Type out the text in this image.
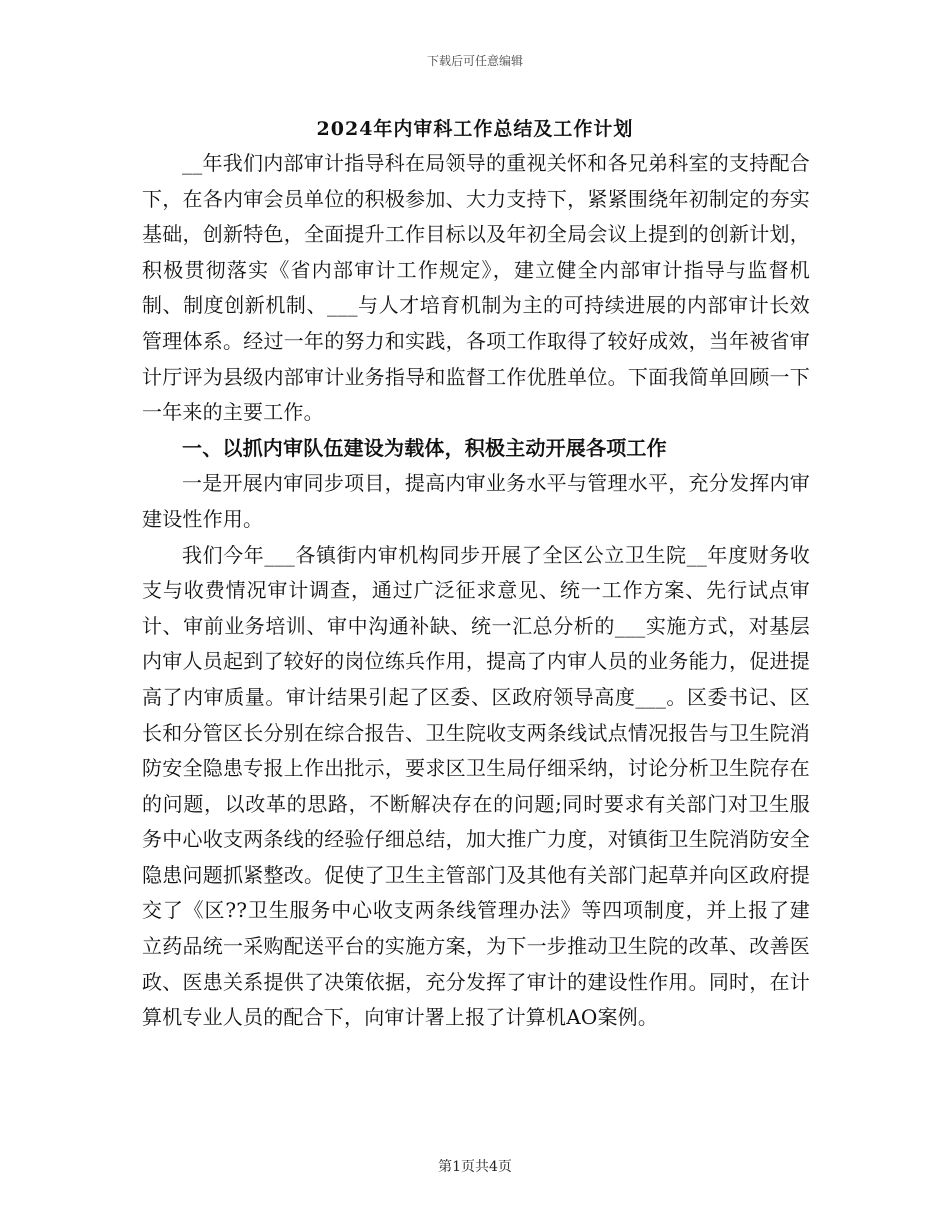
下载后可任意编辑
2024年内审科工作总结及工作计划

__年我们内部审计指导科在局领导的重视关怀和各兄弟科室的支持配合下，在各内审会员单位的积极参加、大力支持下，紧紧围绕年初制定的夯实基础，创新特色，全面提升工作目标以及年初全局会议上提到的创新计划，积极贯彻落实《省内部审计工作规定》，建立健全内部审计指导与监督机制、制度创新机制、___与人才培育机制为主的可持续进展的内部审计长效管理体系。经过一年的努力和实践，各项工作取得了较好成效，当年被省审计厅评为县级内部审计业务指导和监督工作优胜单位。下面我简单回顾一下一年来的主要工作。

一、以抓内审队伍建设为载体，积极主动开展各项工作

一是开展内审同步项目，提高内审业务水平与管理水平，充分发挥内审建设性作用。

我们今年___各镇街内审机构同步开展了全区公立卫生院__年度财务收支与收费情况审计调查，通过广泛征求意见、统一工作方案、先行试点审计、审前业务培训、审中沟通补缺、统一汇总分析的___实施方式，对基层内审人员起到了较好的岗位练兵作用，提高了内审人员的业务能力，促进提高了内审质量。审计结果引起了区委、区政府领导高度___。区委书记、区长和分管区长分别在综合报告、卫生院收支两条线试点情况报告与卫生院消防安全隐患专报上作出批示，要求区卫生局仔细采纳，讨论分析卫生院存在的问题，以改革的思路，不断解决存在的问题;同时要求有关部门对卫生服务中心收支两条线的经验仔细总结，加大推广力度，对镇街卫生院消防安全隐患问题抓紧整改。促使了卫生主管部门及其他有关部门起草并向区政府提交了《区??卫生服务中心收支两条线管理办法》等四项制度，并上报了建立药品统一采购配送平台的实施方案，为下一步推动卫生院的改革、改善医政、医患关系提供了决策依据，充分发挥了审计的建设性作用。同时，在计算机专业人员的配合下，向审计署上报了计算机AO案例。

第1页共4页
